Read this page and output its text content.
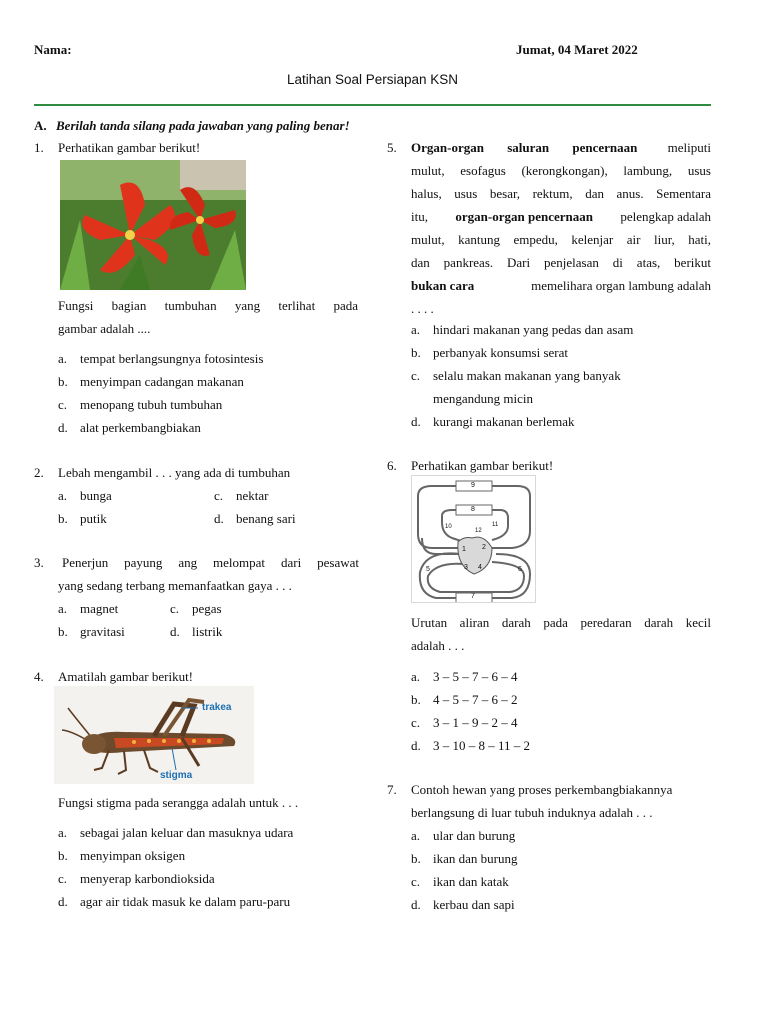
Nama:	Jumat, 04 Maret 2022
Latihan Soal Persiapan KSN
A. Berilah tanda silang pada jawaban yang paling benar!
1. Perhatikan gambar berikut!
Fungsi bagian tumbuhan yang terlihat pada
gambar adalah ....
a. tempat berlangsungnya fotosintesis
b. menyimpan cadangan makanan
c. menopang tubuh tumbuhan
d. alat perkembangbiakan
2. Lebah mengambil . . . yang ada di tumbuhan
a. bunga	c. nektar
b. putik	d. benang sari
3. Penerjun payung ang melompat dari pesawat
yang sedang terbang memanfaatkan gaya . . .
a. magnet	c. pegas
b. gravitasi	d. listrik
4. Amatilah gambar berikut!
trakea
stigma
Fungsi stigma pada serangga adalah untuk . . .
a. sebagai jalan keluar dan masuknya udara
b. menyimpan oksigen
c. menyerap karbondioksida
d. agar air tidak masuk ke dalam paru-paru
5. Organ-organ saluran pencernaan meliputi
mulut, esofagus (kerongkongan), lambung, usus
halus, usus besar, rektum, dan anus. Sementara
itu, organ-organ pencernaan pelengkap adalah
mulut, kantung empedu, kelenjar air liur, hati,
dan pankreas. Dari penjelasan di atas, berikut
bukan cara	memelihara organ lambung adalah
. . . .
a. hindari makanan yang pedas dan asam
b. perbanyak konsumsi serat
c. selalu makan makanan yang banyak
mengandung micin
d. kurangi makanan berlemak
6. Perhatikan gambar berikut!
9
8
10
12
11
1 2
3 4
5	6
7
Urutan aliran darah pada peredaran darah kecil
adalah . . .
a. 3 – 5 – 7 – 6 – 4
b. 4 – 5 – 7 – 6 – 2
c. 3 – 1 – 9 – 2 – 4
d. 3 – 10 – 8 – 11 – 2
7. Contoh hewan yang proses perkembangbiakannya
berlangsung di luar tubuh induknya adalah . . .
a. ular dan burung
b. ikan dan burung
c. ikan dan katak
d. kerbau dan sapi
